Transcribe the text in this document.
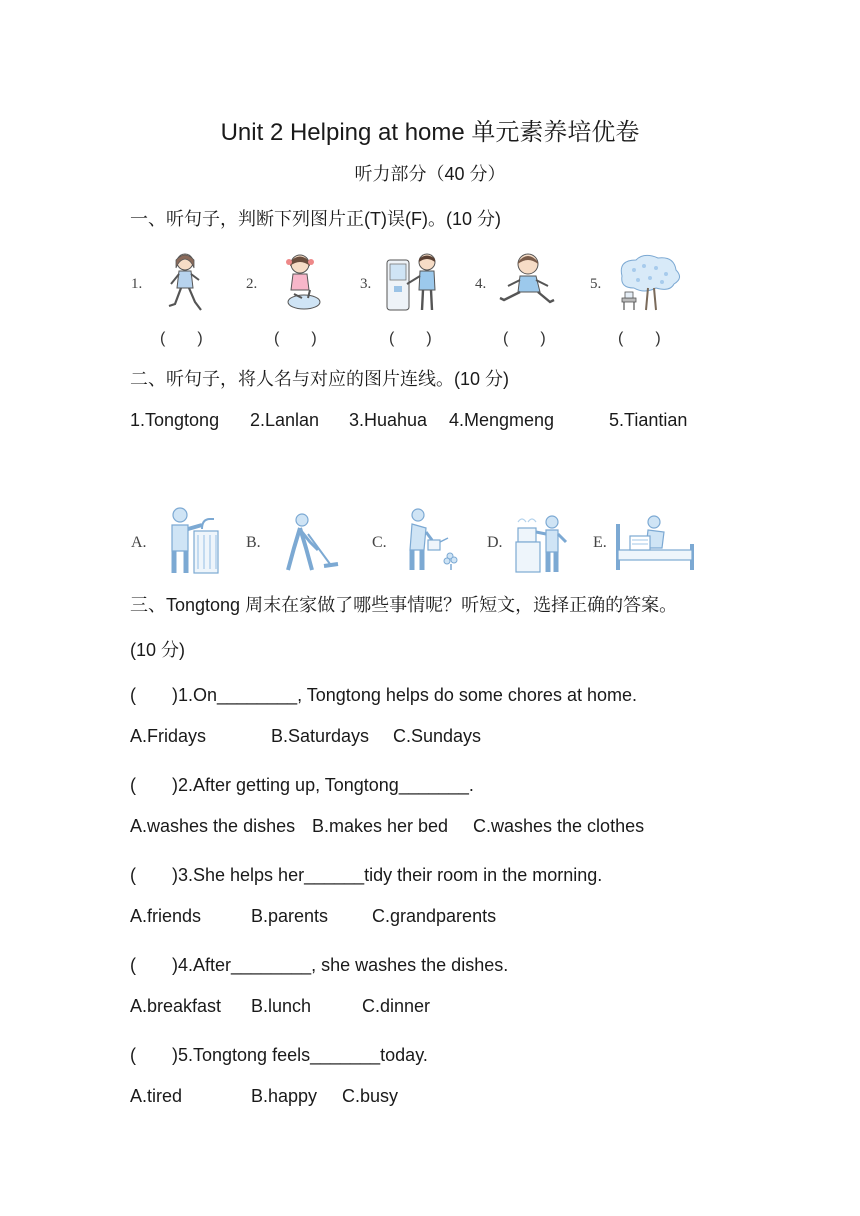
Unit 2 Helping at home 单元素养培优卷
听力部分（40 分）
一、听句子，判断下列图片正(T)误(F)。(10 分)
1.	2.	3.	4.	5.
(　　)	(　　)	(　　)	(　　)	(　　)
二、听句子，将人名与对应的图片连线。(10 分)
1.Tongtong 2.Lanlan 3.Huahua 4.Mengmeng	5.Tiantian
A.	B.	C.	D.	E.
三、Tongtong 周末在家做了哪些事情呢？听短文，选择正确的答案。
(10 分)
(　　)1.On________, Tongtong helps do some chores at home.
A.Fridays	B.Saturdays C.Sundays
(　　)2.After getting up, Tongtong_______.
A.washes the dishes B.makes her bed C.washes the clothes
(　　)3.She helps her______tidy their room in the morning.
A.friends	B.parents C.grandparents
(　　)4.After________, she washes the dishes.
A.breakfast B.lunch	C.dinner
(　　)5.Tongtong feels_______today.
A.tired	B.happy C.busy
